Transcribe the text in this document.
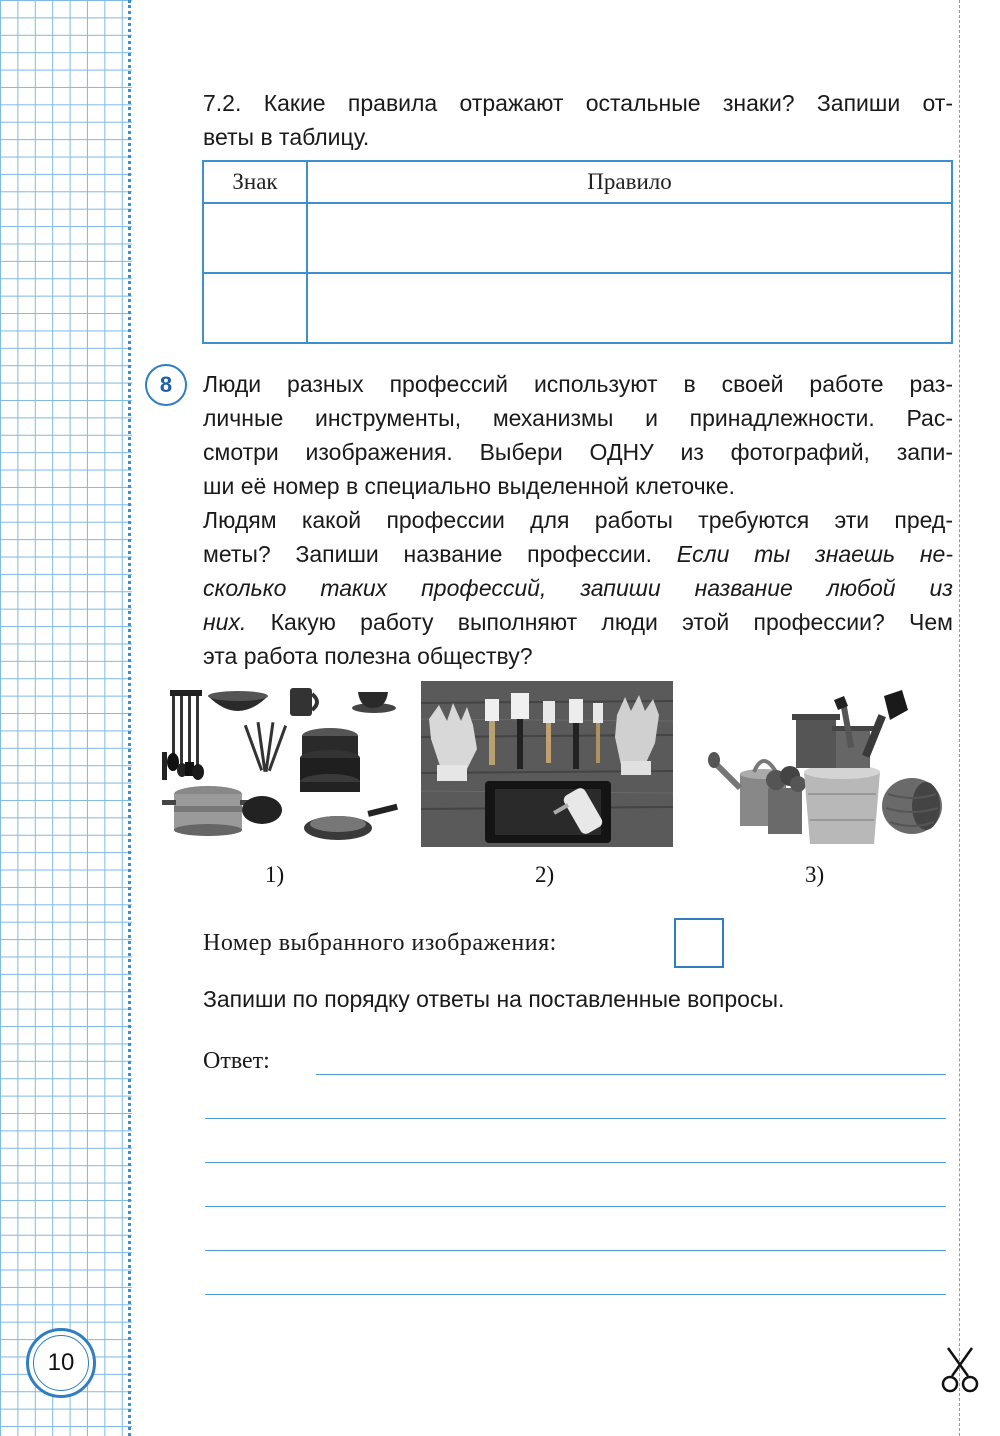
7.2. Какие правила отражают остальные знаки? Запиши от-
веты в таблицу.
Знак	Правило

8	Люди разных профессий используют в своей работе раз-
личные инструменты, механизмы и принадлежности. Рас-
смотри изображения. Выбери ОДНУ из фотографий, запи-
ши её номер в специально выделенной клеточке.
Людям какой профессии для работы требуются эти пред-
меты? Запиши название профессии. Если ты знаешь не-
сколько таких профессий, запиши название любой из
них. Какую работу выполняют люди этой профессии? Чем
эта работа полезна обществу?
1)	2)	3)
Номер выбранного изображения:
Запиши по порядку ответы на поставленные вопросы.
Ответ:
10
